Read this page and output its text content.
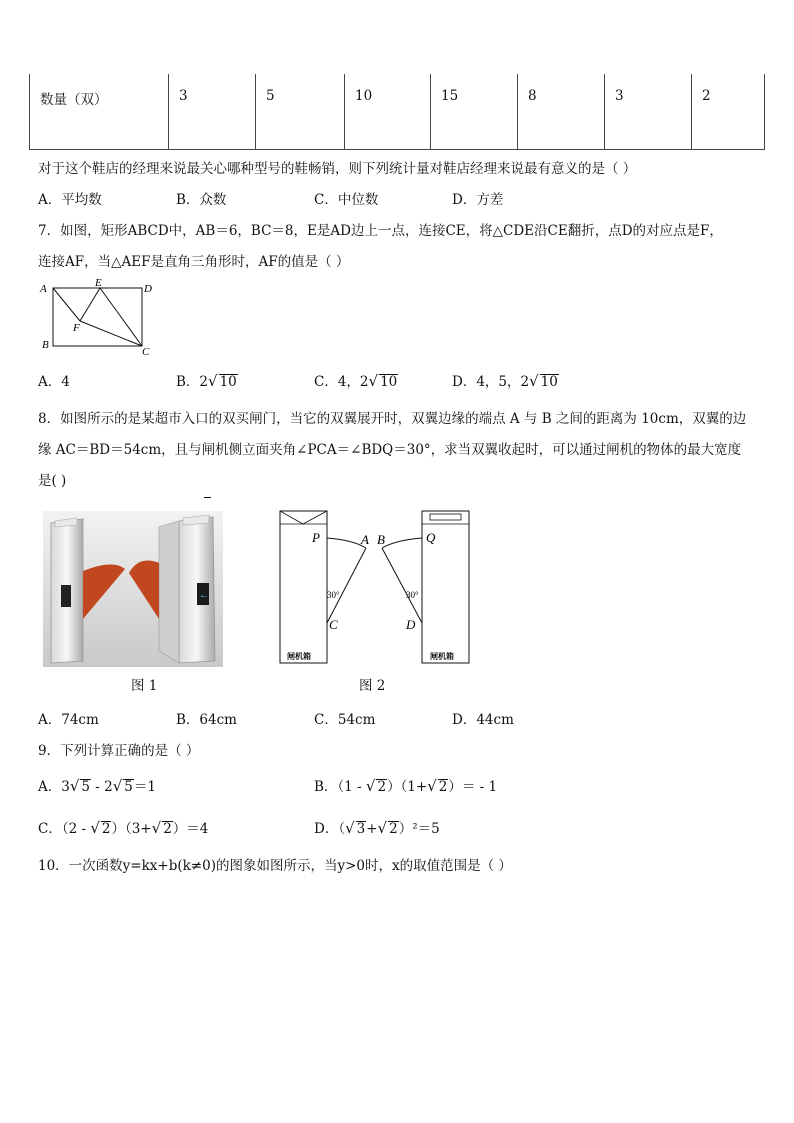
数量（双）	3	5	10	15	8	3	2
对于这个鞋店的经理来说最关心哪种型号的鞋畅销，则下列统计量对鞋店经理来说最有意义的是（ ）
A．平均数	B．众数	C．中位数	D．方差
7．如图，矩形ABCD中，AB＝6，BC＝8，E是AD边上一点，连接CE，将△CDE沿CE翻折，点D的对应点是F，
连接AF，当△AEF是直角三角形时，AF的值是（ ）
A	E	D
F
B
C
A．4	B．2√ 10	C．4，2√ 10	D．4，5，2√ 10
8．如图所示的是某超市入口的双买闸门，当它的双翼展开时，双翼边缘的端点 A 与 B 之间的距离为 10cm，双翼的边
缘 AC＝BD＝54cm，且与闸机侧立面夹角∠PCA＝∠BDQ＝30°，求当双翼收起时，可以通过闸机的物体的最大宽度
是( )
←
图 1
P	A B	Q
30°	30°
C	D
闸机箱	闸机箱
图 2
A．74cm	B．64cm	C．54cm	D．44cm
9．下列计算正确的是（ ）
A．3√ 5 - 2√ 5＝1	B．（1 - √ 2）（1+√ 2）＝ - 1
C．（2 - √ 2）（3+√ 2）＝4	D．（√ 3+√ 2）²＝5
10．一次函数y=kx+b(k≠0)的图象如图所示，当y>0时，x的取值范围是（ ）
